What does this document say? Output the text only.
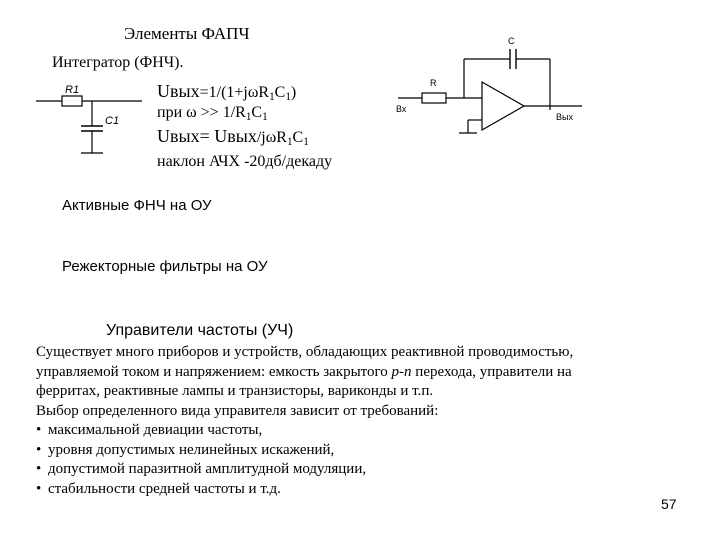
Элементы ФАПЧ
Интегратор (ФНЧ).
R1
C1
$Uвых=1/(1+j\omega R_1C_1)$
при $\omega >> 1/R_1C_1$
Uвых= Uвых/$j\omega R_1C_1$
наклон АЧХ -20дб/декаду
C
R
Вх
Вых
Активные ФНЧ на ОУ
Режекторные фильтры на ОУ
Управители частоты (УЧ)
Существует много приборов и устройств, обладающих реактивной проводимостью,
управляемой током и напряжением: емкость закрытого р-n перехода, управители на
ферритах, реактивные лампы и транзисторы, вариконды и т.п.
Выбор определенного вида управителя зависит от требований:
• максимальной девиации частоты,
• уровня допустимых нелинейных искажений,
• допустимой паразитной амплитудной модуляции,
• стабильности средней частоты и т.д.
57
